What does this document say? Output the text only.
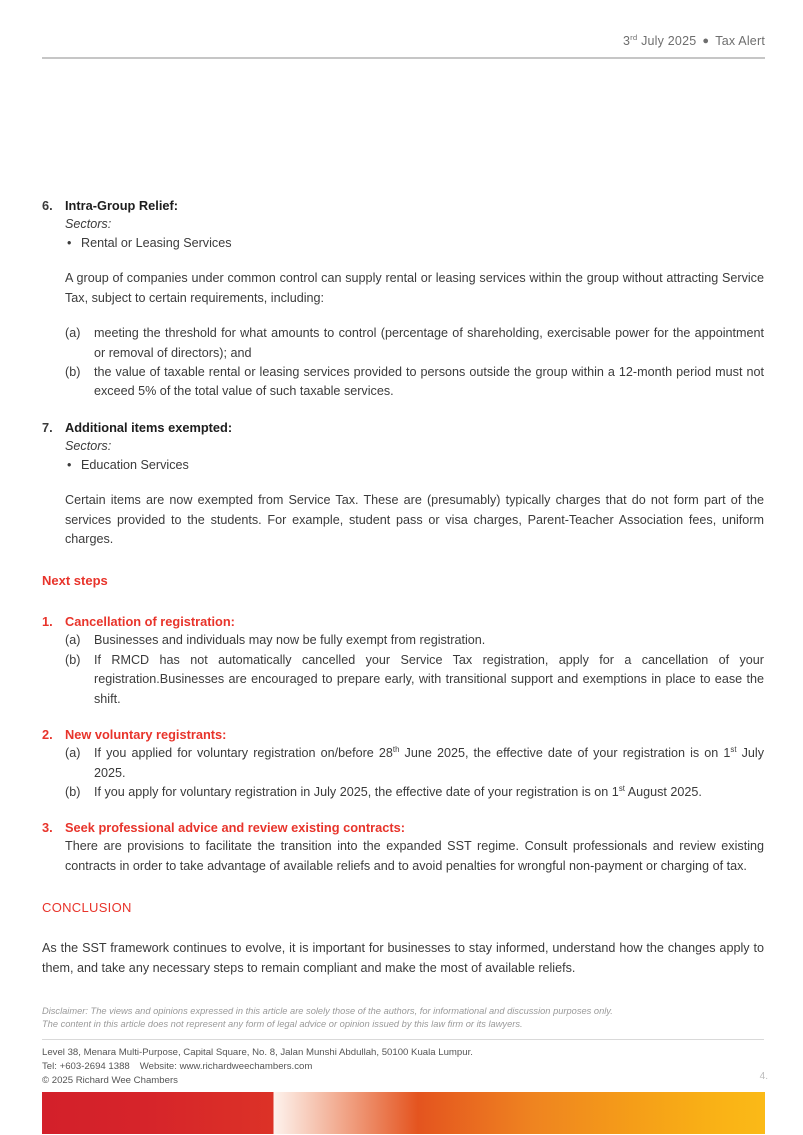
3rd July 2025 ● Tax Alert
6. Intra-Group Relief:
Sectors:
• Rental or Leasing Services
A group of companies under common control can supply rental or leasing services within the group without attracting Service Tax, subject to certain requirements, including:
(a) meeting the threshold for what amounts to control (percentage of shareholding, exercisable power for the appointment or removal of directors); and
(b) the value of taxable rental or leasing services provided to persons outside the group within a 12-month period must not exceed 5% of the total value of such taxable services.
7. Additional items exempted:
Sectors:
• Education Services
Certain items are now exempted from Service Tax. These are (presumably) typically charges that do not form part of the services provided to the students. For example, student pass or visa charges, Parent-Teacher Association fees, uniform charges.
Next steps
1. Cancellation of registration:
(a) Businesses and individuals may now be fully exempt from registration.
(b) If RMCD has not automatically cancelled your Service Tax registration, apply for a cancellation of your registration.Businesses are encouraged to prepare early, with transitional support and exemptions in place to ease the shift.
2. New voluntary registrants:
(a) If you applied for voluntary registration on/before 28th June 2025, the effective date of your registration is on 1st July 2025.
(b) If you apply for voluntary registration in July 2025, the effective date of your registration is on 1st August 2025.
3. Seek professional advice and review existing contracts:
There are provisions to facilitate the transition into the expanded SST regime. Consult professionals and review existing contracts in order to take advantage of available reliefs and to avoid penalties for wrongful non-payment or charging of tax.
CONCLUSION
As the SST framework continues to evolve, it is important for businesses to stay informed, understand how the changes apply to them, and take any necessary steps to remain compliant and make the most of available reliefs.
Disclaimer: The views and opinions expressed in this article are solely those of the authors, for informational and discussion purposes only.
The content in this article does not represent any form of legal advice or opinion issued by this law firm or its lawyers.
Level 38, Menara Multi-Purpose, Capital Square, No. 8, Jalan Munshi Abdullah, 50100 Kuala Lumpur.
Tel: +603-2694 1388 Website: www.richardweechambers.com
© 2025 Richard Wee Chambers	4.
